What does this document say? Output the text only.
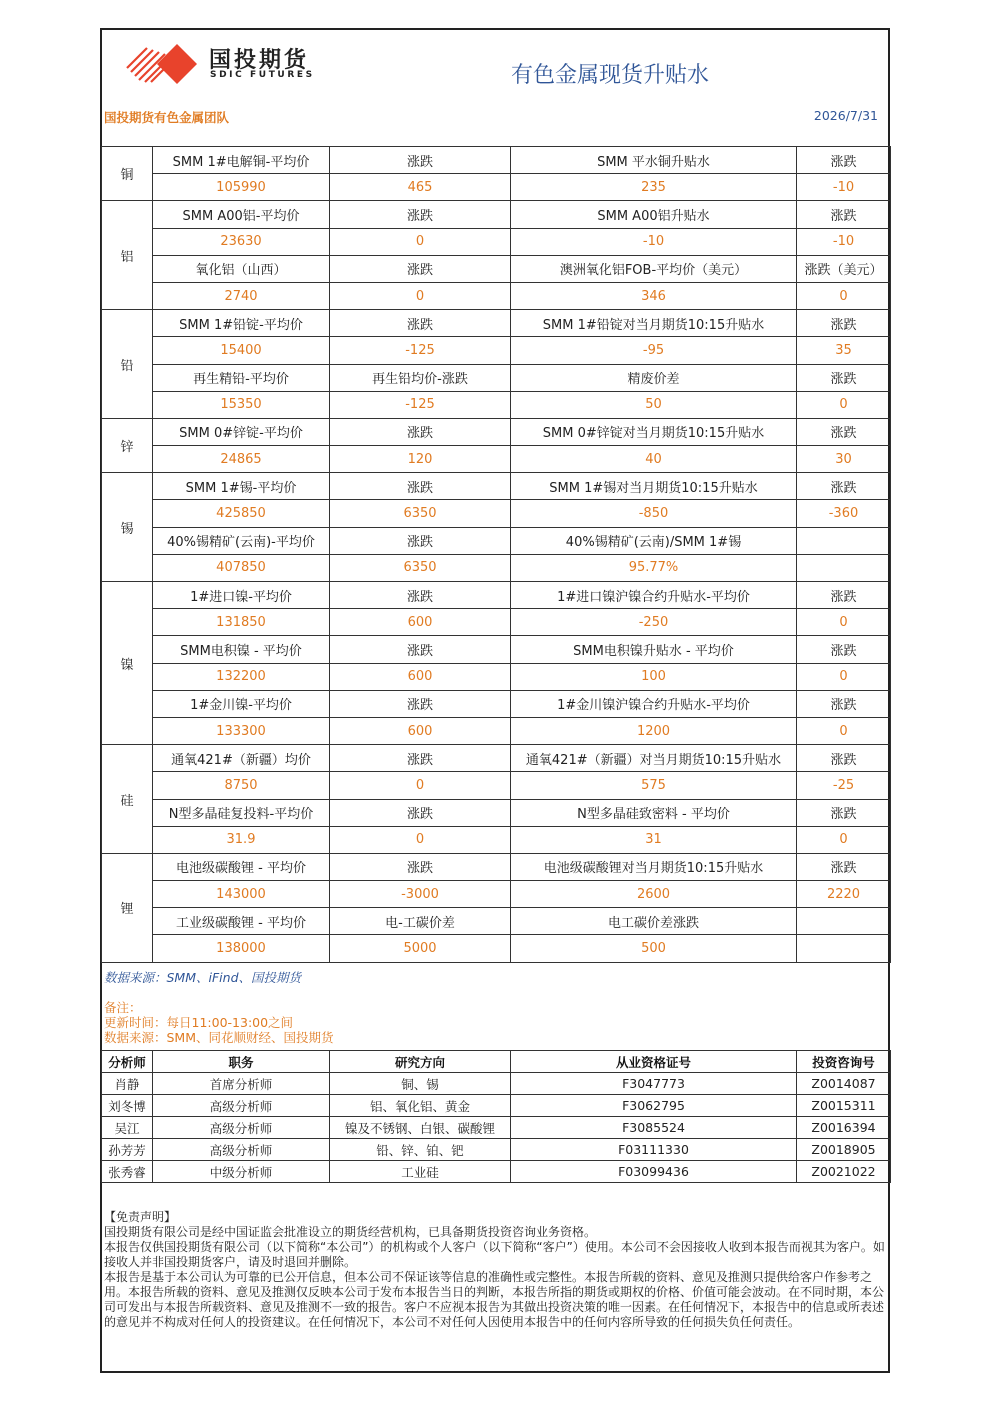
国投期货
SDIC FUTURES	有色金属现货升贴水
国投期货有色金属团队	2026/7/31
铜	SMM 1#电解铜-平均价	涨跌	SMM 平水铜升贴水	涨跌
	105990	465	235	-10
铝	SMM A00铝-平均价	涨跌	SMM A00铝升贴水	涨跌
	23630	0	-10	-10
	氧化铝（山西）	涨跌	澳洲氧化铝FOB-平均价（美元）	涨跌（美元）
	2740	0	346	0
铅	SMM 1#铅锭-平均价	涨跌	SMM 1#铅锭对当月期货10:15升贴水	涨跌
	15400	-125	-95	35
	再生精铅-平均价	再生铅均价-涨跌	精废价差	涨跌
	15350	-125	50	0
锌	SMM 0#锌锭-平均价	涨跌	SMM 0#锌锭对当月期货10:15升贴水	涨跌
	24865	120	40	30
锡	SMM 1#锡-平均价	涨跌	SMM 1#锡对当月期货10:15升贴水	涨跌
	425850	6350	-850	-360
	40%锡精矿(云南)-平均价	涨跌	40%锡精矿(云南)/SMM 1#锡	
	407850	6350	95.77%	
镍	1#进口镍-平均价	涨跌	1#进口镍沪镍合约升贴水-平均价	涨跌
	131850	600	-250	0
	SMM电积镍 - 平均价	涨跌	SMM电积镍升贴水 - 平均价	涨跌
	132200	600	100	0
	1#金川镍-平均价	涨跌	1#金川镍沪镍合约升贴水-平均价	涨跌
	133300	600	1200	0
硅	通氧421#（新疆）均价	涨跌	通氧421#（新疆）对当月期货10:15升贴水	涨跌
	8750	0	575	-25
	N型多晶硅复投料-平均价	涨跌	N型多晶硅致密料 - 平均价	涨跌
	31.9	0	31	0
锂	电池级碳酸锂 - 平均价	涨跌	电池级碳酸锂对当月期货10:15升贴水	涨跌
	143000	-3000	2600	2220
	工业级碳酸锂 - 平均价	电-工碳价差	电工碳价差涨跌	
	138000	5000	500	
数据来源：SMM、iFind、国投期货
备注：
更新时间：每日11:00-13:00之间
数据来源：SMM、同花顺财经、国投期货
分析师	职务	研究方向	从业资格证号	投资咨询号
肖静	首席分析师	铜、锡	F3047773	Z0014087
刘冬博	高级分析师	铝、氧化铝、黄金	F3062795	Z0015311
吴江	高级分析师	镍及不锈钢、白银、碳酸锂	F3085524	Z0016394
孙芳芳	高级分析师	铅、锌、铂、钯	F03111330	Z0018905
张秀睿	中级分析师	工业硅	F03099436	Z0021022

【免责声明】

国投期货有限公司是经中国证监会批准设立的期货经营机构，已具备期货投资咨询业务资格。

本报告仅供国投期货有限公司（以下简称“本公司”）的机构或个人客户（以下简称“客户”）使用。本公司不会因接收人收到本报告而视其为客户。如接收人并非国投期货客户，请及时退回并删除。

本报告是基于本公司认为可靠的已公开信息，但本公司不保证该等信息的准确性或完整性。本报告所载的资料、意见及推测只提供给客户作参考之用。本报告所载的资料、意见及推测仅反映本公司于发布本报告当日的判断，本报告所指的期货或期权的价格、价值可能会波动。在不同时期，本公司可发出与本报告所载资料、意见及推测不一致的报告。客户不应视本报告为其做出投资决策的唯一因素。在任何情况下，本报告中的信息或所表述的意见并不构成对任何人的投资建议。在任何情况下，本公司不对任何人因使用本报告中的任何内容所导致的任何损失负任何责任。
